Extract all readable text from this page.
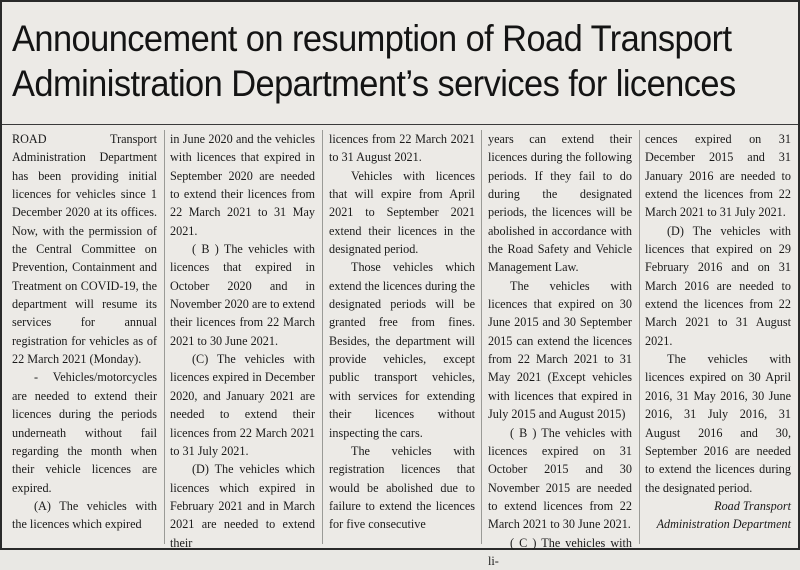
Announcement on resumption of Road Transport
Administration Department’s services for licences

ROAD Transport Administration Department has been providing initial licences for vehicles since 1 December 2020 at its offices. Now, with the permission of the Central Committee on Prevention, Containment and Treatment on COVID-19, the department will resume its services for annual registration for vehicles as of 22 March 2021 (Monday).

- Vehicles/motorcycles are needed to extend their licences during the periods underneath without fail regarding the month when their vehicle licences are expired.

(A) The vehicles with the licences which expired

in June 2020 and the vehicles with licences that expired in September 2020 are needed to extend their licences from 22 March 2021 to 31 May 2021.

( B ) The vehicles with licences that expired in October 2020 and in November 2020 are to extend their licences from 22 March 2021 to 30 June 2021.

(C) The vehicles with licences expired in December 2020, and January 2021 are needed to extend their licences from 22 March 2021 to 31 July 2021.

(D) The vehicles which licences which expired in February 2021 and in March 2021 are needed to extend their

licences from 22 March 2021 to 31 August 2021.

Vehicles with licences that will expire from April 2021 to September 2021 extend their licences in the designated period.

Those vehicles which extend the licences during the designated periods will be granted free from fines. Besides, the department will provide vehicles, except public transport vehicles, with services for extending their licences without inspecting the cars.

The vehicles with registration licences that would be abolished due to failure to extend the licences for five consecutive

years can extend their licences during the following periods. If they fail to do during the designated periods, the licences will be abolished in accordance with the Road Safety and Vehicle Management Law.

The vehicles with licences that expired on 30 June 2015 and 30 September 2015 can extend the licences from 22 March 2021 to 31 May 2021 (Except vehicles with licences that expired in July 2015 and August 2015)

( B ) The vehicles with licences expired on 31 October 2015 and 30 November 2015 are needed to extend licences from 22 March 2021 to 30 June 2021.

( C ) The vehicles with li-

cences expired on 31 December 2015 and 31 January 2016 are needed to extend the licences from 22 March 2021 to 31 July 2021.

(D) The vehicles with licences that expired on 29 February 2016 and on 31 March 2016 are needed to extend the licences from 22 March 2021 to 31 August 2021.

The vehicles with licences expired on 30 April 2016, 31 May 2016, 30 June 2016, 31 July 2016, 31 August 2016 and 30, September 2016 are needed to extend the licences during the designated period.

Road Transport

Administration Department
